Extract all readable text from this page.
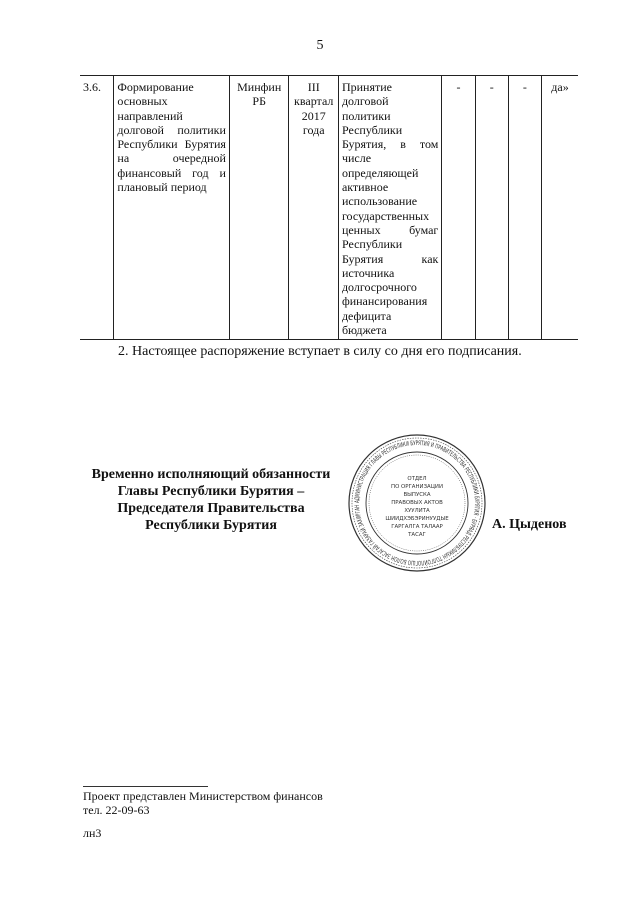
5
3.6.	Формирование основных направлений долговой политики Республики Бурятия на очередной финансовый год и плановый период	Минфин РБ	III квартал 2017 года	Принятие долговой политики Республики Бурятия, в том числе определяющей активное использование государственных ценных бумаг Республики Бурятия как источника долгосрочного финансирования дефицита бюджета	-	-	-	да»
2. Настоящее распоряжение вступает в силу со дня его подписания.
Временно исполняющий обязанности
Главы Республики Бурятия –
Председателя Правительства
Республики Бурятия
АДМИНИСТРАЦИЯ ГЛАВЫ РЕСПУБЛИКИ БУРЯТИЯ И ПРАВИТЕЛЬСТВА РЕСПУБЛИКИ БУРЯТИЯ · БУРЯАД РЕСПУБЛИКЫН ТОЛГОЙЛОГШО БОЛОН ЗАСАГАЙ ГАЗАРАЙ ЗАХИРГАН
ОТДЕЛ
ПО ОРГАНИЗАЦИИ
ВЫПУСКА
ПРАВОВЫХ АКТОВ
ХУУЛИТА
ШИИДХЭБЭРИНУУДЫЕ
ГАРГАЛГА ТАЛААР
ТАСАГ
А. Цыденов
Проект представлен Министерством финансов
тел. 22-09-63
лн3
